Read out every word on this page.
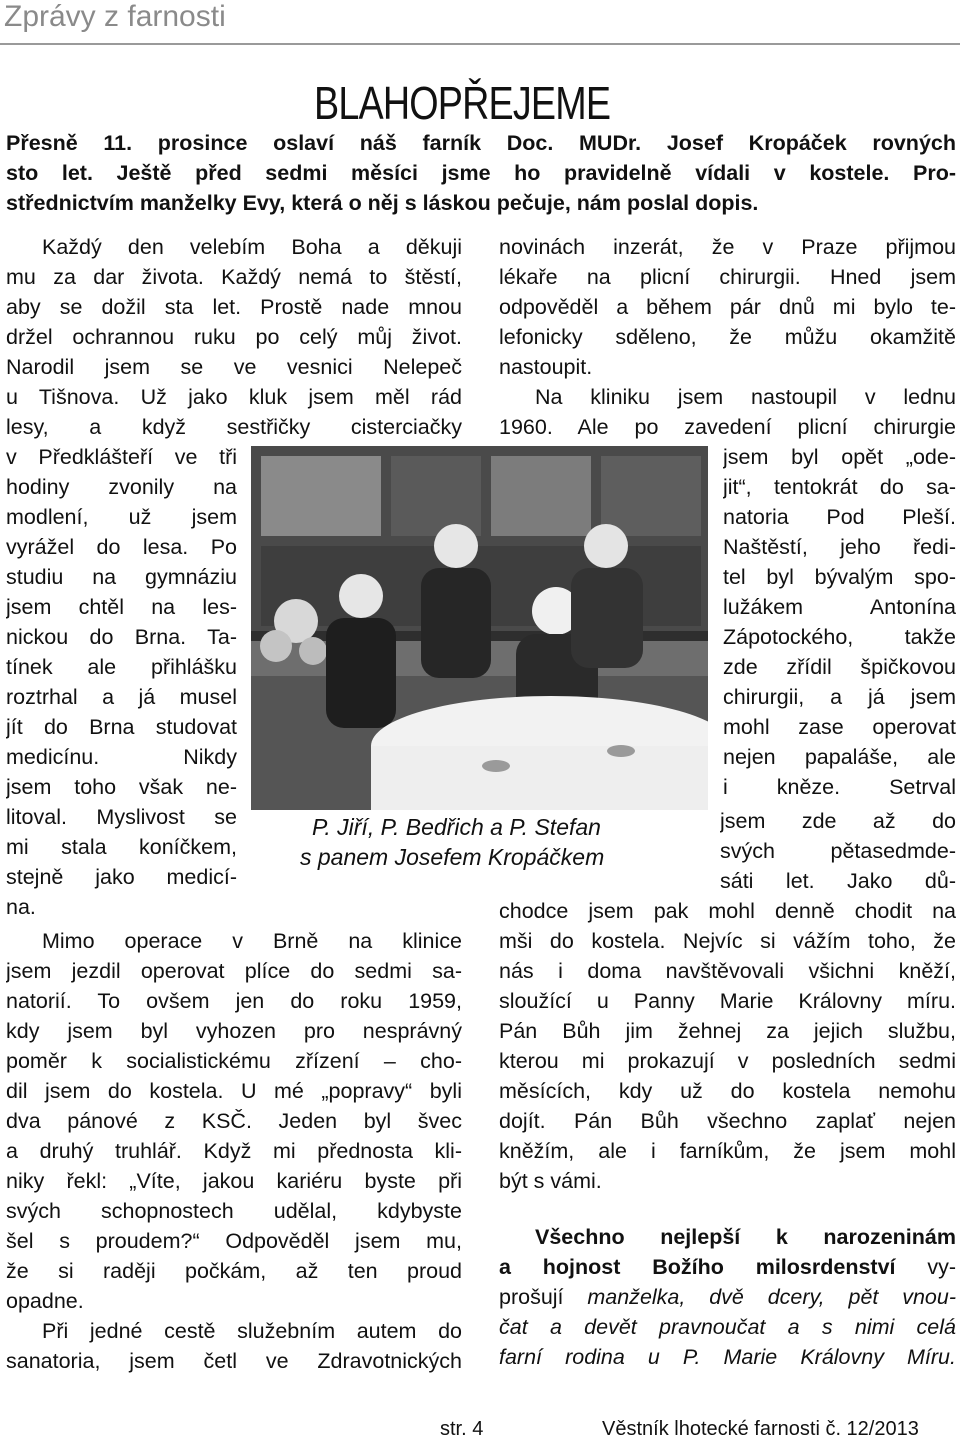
Zprávy z farnosti
BLAHOPŘEJEME
Přesně 11. prosince oslaví náš farník Doc. MUDr. Josef Kropáček rovných
sto let. Ještě před sedmi měsíci jsme ho pravidelně vídali v kostele. Pro-
střednictvím manželky Evy, která o něj s láskou pečuje, nám poslal dopis.
Každý den velebím Boha a děkuji
mu za dar života. Každý nemá to štěstí,
aby se dožil sta let. Prostě nade mnou
držel ochrannou ruku po celý můj život.
Narodil jsem se ve vesnici Nelepeč
u Tišnova. Už jako kluk jsem měl rád
lesy, a když sestřičky cisterciačky
v Předklášteří ve tři
hodiny zvonily na
modlení, už jsem
vyrážel do lesa. Po
studiu na gymnáziu
jsem chtěl na les-
nickou do Brna. Ta-
tínek ale přihlášku
roztrhal a já musel
jít do Brna studovat
medicínu. Nikdy
jsem toho však ne-
litoval. Myslivost se
mi stala koníčkem,
stejně jako medicí-
na.
Mimo operace v Brně na klinice
jsem jezdil operovat plíce do sedmi sa-
natorií. To ovšem jen do roku 1959,
kdy jsem byl vyhozen pro nesprávný
poměr k socialistickému zřízení – cho-
dil jsem do kostela. U mé „popravy“ byli
dva pánové z KSČ. Jeden byl švec
a druhý truhlář. Když mi přednosta kli-
niky řekl: „Víte, jakou kariéru byste při
svých schopnostech udělal, kdybyste
šel s proudem?“ Odpověděl jsem mu,
že si raději počkám, až ten proud
opadne.
Při jedné cestě služebním autem do
sanatoria, jsem četl ve Zdravotnických
novinách inzerát, že v Praze přijmou
lékaře na plicní chirurgii. Hned jsem
odpověděl a během pár dnů mi bylo te-
lefonicky sděleno, že můžu okamžitě
nastoupit.
Na kliniku jsem nastoupil v lednu
1960. Ale po zavedení plicní chirurgie
jsem byl opět „ode-
jit“, tentokrát do sa-
natoria Pod Pleší.
Naštěstí, jeho ředi-
tel byl bývalým spo-
lužákem Antonína
Zápotockého, takže
zde zřídil špičkovou
chirurgii, a já jsem
mohl zase operovat
nejen papaláše, ale
i kněze. Setrval
jsem zde až do
svých pětasedmde-
sáti let. Jako dů-
chodce jsem pak mohl denně chodit na
mši do kostela. Nejvíc si vážím toho, že
nás i doma navštěvovali všichni kněží,
sloužící u Panny Marie Královny míru.
Pán Bůh jim žehnej za jejich službu,
kterou mi prokazují v posledních sedmi
měsících, kdy už do kostela nemohu
dojít. Pán Bůh všechno zaplať nejen
kněžím, ale i farníkům, že jsem mohl
být s vámi.
P. Jiří, P. Bedřich a P. Stefan
s panem Josefem Kropáčkem
Všechno nejlepší k narozeninám
a hojnost Božího milosrdenství vy-
prošují manželka, dvě dcery, pět vnou-
čat a devět pravnoučat a s nimi celá
farní rodina u P. Marie Královny Míru.
str. 4	Věstník lhotecké farnosti č. 12/2013
